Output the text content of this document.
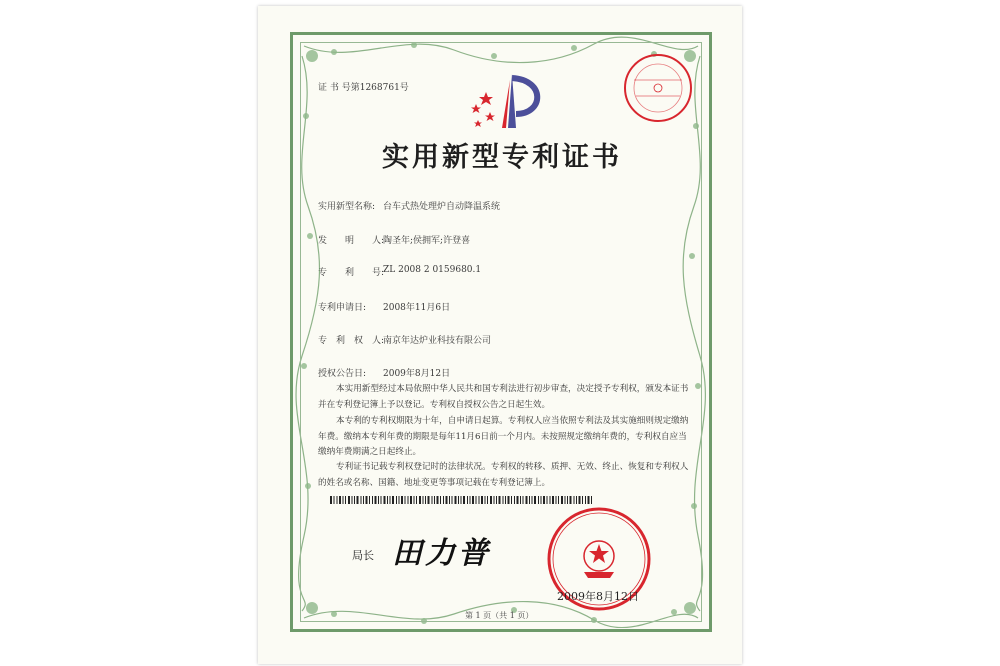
证 书 号第1268761号
实用新型专利证书
实用新型名称: 台车式热处理炉自动降温系统
发　　明　　人:
陶圣年;侯拥军;许登喜
专　　利　　号:
ZL 2008 2 0159680.1
专利申请日: 2008年11月6日
专　利　权　人:
南京年达炉业科技有限公司
授权公告日: 2009年8月12日
本实用新型经过本局依照中华人民共和国专利法进行初步审查，决定授予专利权，颁发本证书并在专利登记簿上予以登记。专利权自授权公告之日起生效。
本专利的专利权期限为十年，自申请日起算。专利权人应当依照专利法及其实施细则规定缴纳年费。缴纳本专利年费的期限是每年11月6日前一个月内。未按照规定缴纳年费的，专利权自应当缴纳年费期满之日起终止。
专利证书记载专利权登记时的法律状况。专利权的转移、质押、无效、终止、恢复和专利权人的姓名或名称、国籍、地址变更等事项记载在专利登记簿上。
局长 田力普
2009年8月12日
第 1 页（共 1 页）
